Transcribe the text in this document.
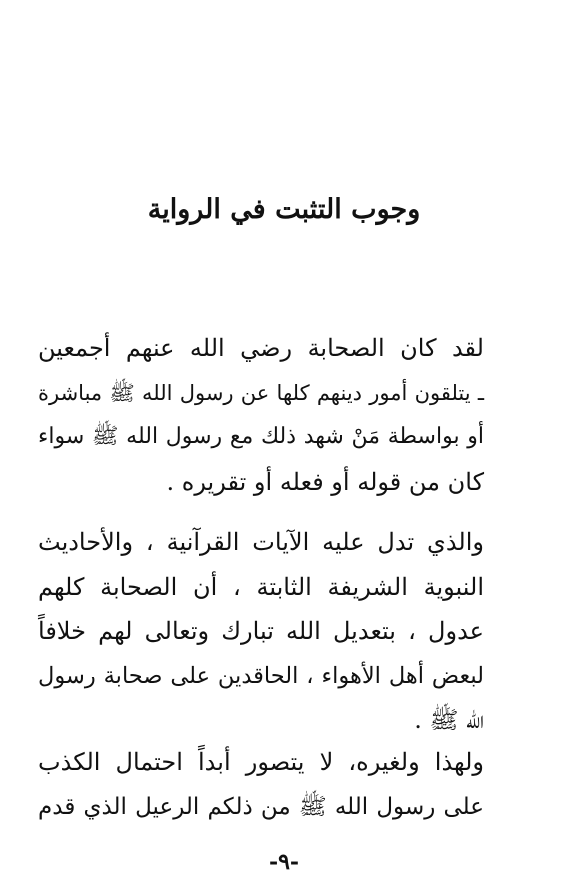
وجوب التثبت في الرواية
لقد كان الصحابة رضي الله عنهم أجمعين
ـ يتلقون أمور دينهم كلها عن رسول الله ﷺ مباشرة
أو بواسطة مَنْ شهد ذلك مع رسول الله ﷺ سواء
كان من قوله أو فعله أو تقريره .
والذي تدل عليه الآيات القرآنية ، والأحاديث
النبوية الشريفة الثابتة ، أن الصحابة كلهم
عدول ، بتعديل الله تبارك وتعالى لهم خلافاً
لبعض أهل الأهواء ، الحاقدين على صحابة رسول
الله ﷺ .
ولهذا ولغيره، لا يتصور أبداً احتمال الكذب
على رسول الله ﷺ من ذلكم الرعيل الذي قدم
-٩-
